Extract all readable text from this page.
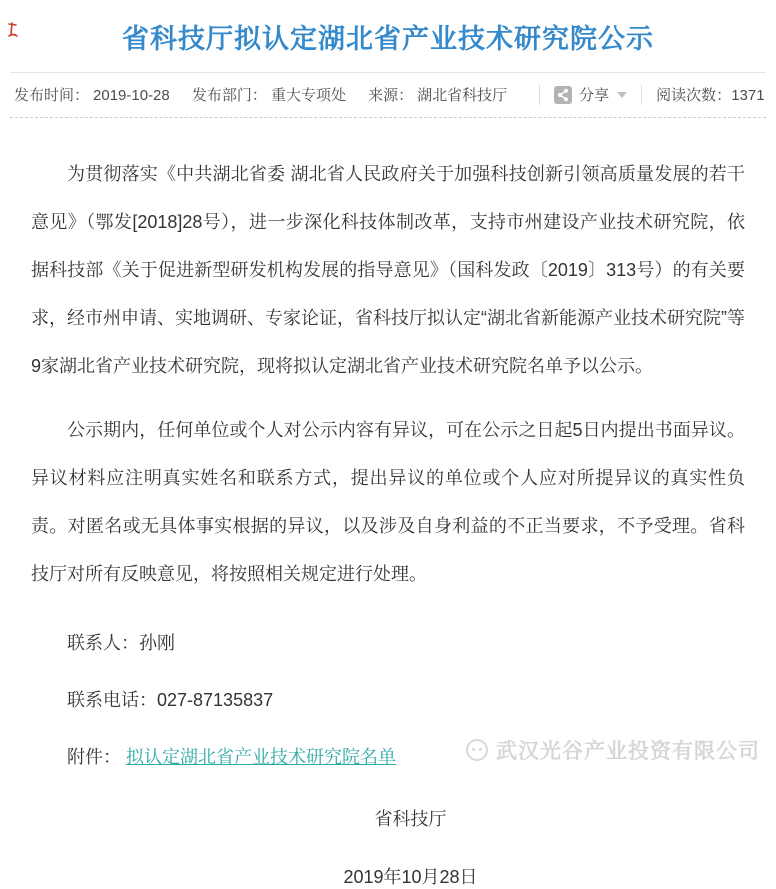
省科技厅拟认定湖北省产业技术研究院公示
发布时间： 2019-10-28 发布部门： 重大专项处 来源： 湖北省科技厅	分享	阅读次数：1371

为贯彻落实《中共湖北省委 湖北省人民政府关于加强科技创新引领高质量发展的若干意见》（鄂发[2018]28号），进一步深化科技体制改革，支持市州建设产业技术研究院，依据科技部《关于促进新型研发机构发展的指导意见》（国科发政〔2019〕313号）的有关要求，经市州申请、实地调研、专家论证，省科技厅拟认定“湖北省新能源产业技术研究院”等9家湖北省产业技术研究院，现将拟认定湖北省产业技术研究院名单予以公示。

公示期内，任何单位或个人对公示内容有异议，可在公示之日起5日内提出书面异议。异议材料应注明真实姓名和联系方式，提出异议的单位或个人应对所提异议的真实性负责。对匿名或无具体事实根据的异议，以及涉及自身利益的不正当要求，不予受理。省科技厅对所有反映意见，将按照相关规定进行处理。

联系人：孙刚
联系电话：027-87135837
附件： 拟认定湖北省产业技术研究院名单
省科技厅
2019年10月28日
武汉光谷产业投资有限公司
